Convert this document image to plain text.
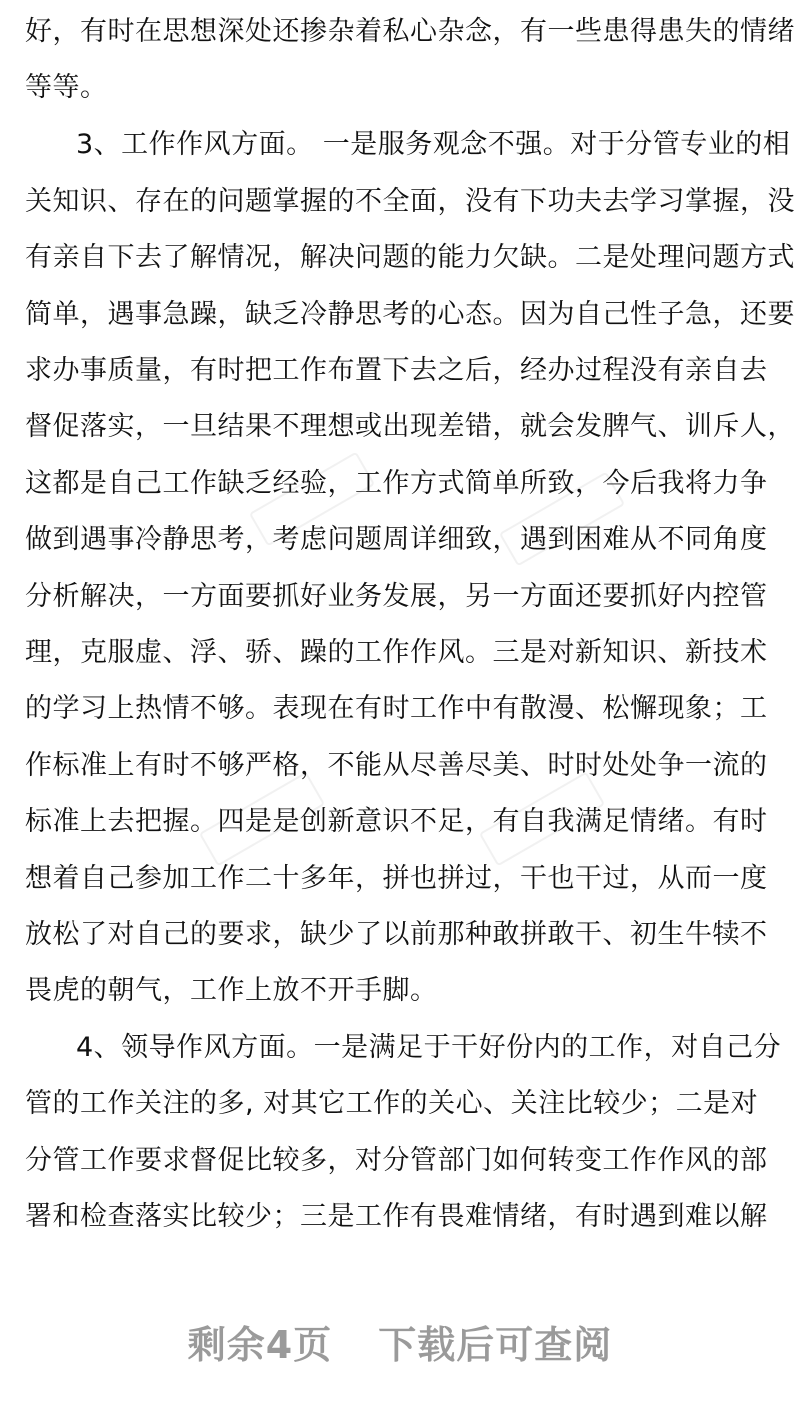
好，有时在思想深处还掺杂着私心杂念，有一些患得患失的情绪
等等。
3、工作作风方面。 一是服务观念不强。对于分管专业的相
关知识、存在的问题掌握的不全面，没有下功夫去学习掌握，没
有亲自下去了解情况，解决问题的能力欠缺。二是处理问题方式
简单，遇事急躁，缺乏冷静思考的心态。因为自己性子急，还要
求办事质量，有时把工作布置下去之后，经办过程没有亲自去
督促落实，一旦结果不理想或出现差错，就会发脾气、训斥人，
这都是自己工作缺乏经验，工作方式简单所致，今后我将力争
做到遇事冷静思考，考虑问题周详细致，遇到困难从不同角度
分析解决，一方面要抓好业务发展，另一方面还要抓好内控管
理，克服虚、浮、骄、躁的工作作风。三是对新知识、新技术
的学习上热情不够。表现在有时工作中有散漫、松懈现象；工
作标准上有时不够严格，不能从尽善尽美、时时处处争一流的
标准上去把握。四是是创新意识不足，有自我满足情绪。有时
想着自己参加工作二十多年，拼也拼过，干也干过，从而一度
放松了对自己的要求，缺少了以前那种敢拼敢干、初生牛犊不
畏虎的朝气，工作上放不开手脚。
4、领导作风方面。一是满足于干好份内的工作，对自己分
管的工作关注的多, 对其它工作的关心、关注比较少；二是对
分管工作要求督促比较多，对分管部门如何转变工作作风的部
署和检查落实比较少；三是工作有畏难情绪，有时遇到难以解
剩余4页 下载后可查阅
